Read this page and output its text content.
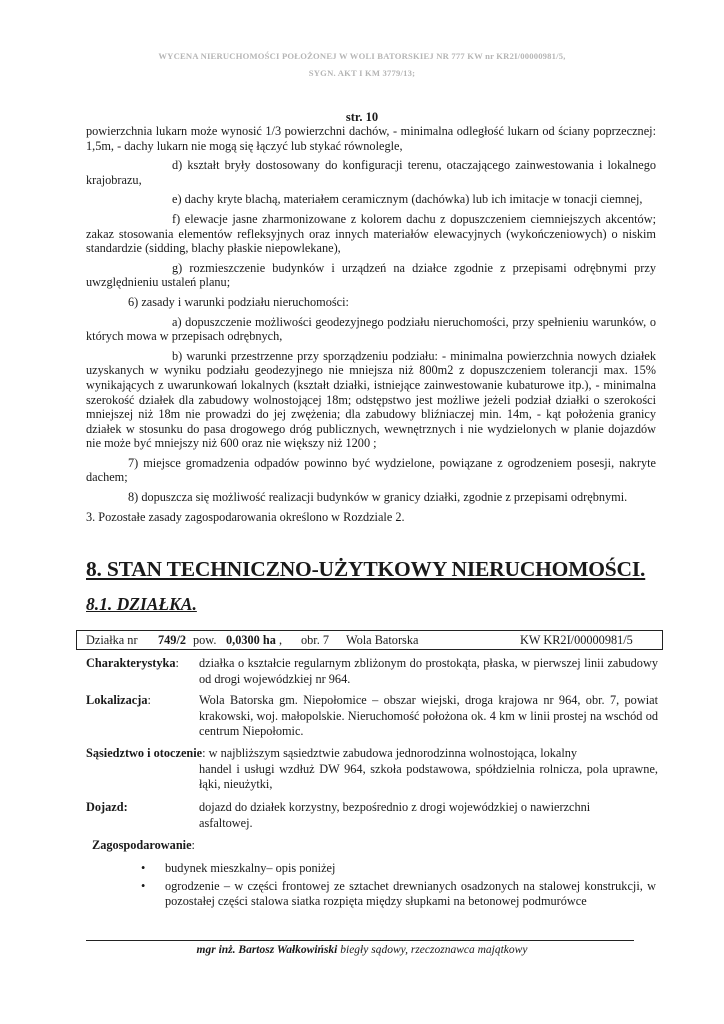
WYCENA NIERUCHOMOŚCI POŁOŻONEJ W WOLI BATORSKIEJ NR 777 KW nr KR2I/00000981/5,
SYGN. AKT I KM 3779/13;
str. 10

powierzchnia lukarn może wynosić 1/3 powierzchni dachów, - minimalna odległość lukarn od ściany poprzecznej: 1,5m, - dachy lukarn nie mogą się łączyć lub stykać równolegle,

d) kształt bryły dostosowany do konfiguracji terenu, otaczającego zainwestowania i lokalnego krajobrazu,

e) dachy kryte blachą, materiałem ceramicznym (dachówka) lub ich imitacje w tonacji ciemnej,

f) elewacje jasne zharmonizowane z kolorem dachu z dopuszczeniem ciemniejszych akcentów; zakaz stosowania elementów refleksyjnych oraz innych materiałów elewacyjnych (wykończeniowych) o niskim standardzie (sidding, blachy płaskie niepowlekane),

g) rozmieszczenie budynków i urządzeń na działce zgodnie z przepisami odrębnymi przy uwzględnieniu ustaleń planu;

6) zasady i warunki podziału nieruchomości:

a) dopuszczenie możliwości geodezyjnego podziału nieruchomości, przy spełnieniu warunków, o których mowa w przepisach odrębnych,

b) warunki przestrzenne przy sporządzeniu podziału: - minimalna powierzchnia nowych działek uzyskanych w wyniku podziału geodezyjnego nie mniejsza niż 800m2 z dopuszczeniem tolerancji max. 15% wynikających z uwarunkowań lokalnych (kształt działki, istniejące zainwestowanie kubaturowe itp.), - minimalna szerokość działek dla zabudowy wolnostojącej 18m; odstępstwo jest możliwe jeżeli podział działki o szerokości mniejszej niż 18m nie prowadzi do jej zwężenia; dla zabudowy bliźniaczej min. 14m, - kąt położenia granicy działek w stosunku do pasa drogowego dróg publicznych, wewnętrznych i nie wydzielonych w planie dojazdów nie może być mniejszy niż 600 oraz nie większy niż 1200 ;

7) miejsce gromadzenia odpadów powinno być wydzielone, powiązane z ogrodzeniem posesji, nakryte dachem;

8) dopuszcza się możliwość realizacji budynków w granicy działki, zgodnie z przepisami odrębnymi.

3. Pozostałe zasady zagospodarowania określono w Rozdziale 2.

8. STAN TECHNICZNO-UŻYTKOWY NIERUCHOMOŚCI.
8.1. DZIAŁKA.
Działka nr 749/2 pow. 0,0300 ha , obr. 7 Wola Batorska	KW KR2I/00000981/5
Charakterystyka: działka o kształcie regularnym zbliżonym do prostokąta, płaska, w pierwszej linii zabudowy od drogi wojewódzkiej nr 964.
Lokalizacja:	Wola Batorska gm. Niepołomice – obszar wiejski, droga krajowa nr 964, obr. 7, powiat krakowski, woj. małopolskie. Nieruchomość położona ok. 4 km w linii prostej na wschód od centrum Niepołomic.
Sąsiedztwo i otoczenie: w najbliższym sąsiedztwie zabudowa jednorodzinna wolnostojąca, lokalny
handel i usługi wzdłuż DW 964, szkoła podstawowa, spółdzielnia rolnicza, pola uprawne, łąki, nieużytki,
Dojazd:	dojazd do działek korzystny, bezpośrednio z drogi wojewódzkiej o nawierzchni asfaltowej.
Zagospodarowanie:
• budynek mieszkalny– opis poniżej
• ogrodzenie – w części frontowej ze sztachet drewnianych osadzonych na stalowej konstrukcji, w pozostałej części stalowa siatka rozpięta między słupkami na betonowej podmurówce
mgr inż. Bartosz Wałkowiński biegły sądowy, rzeczoznawca majątkowy
